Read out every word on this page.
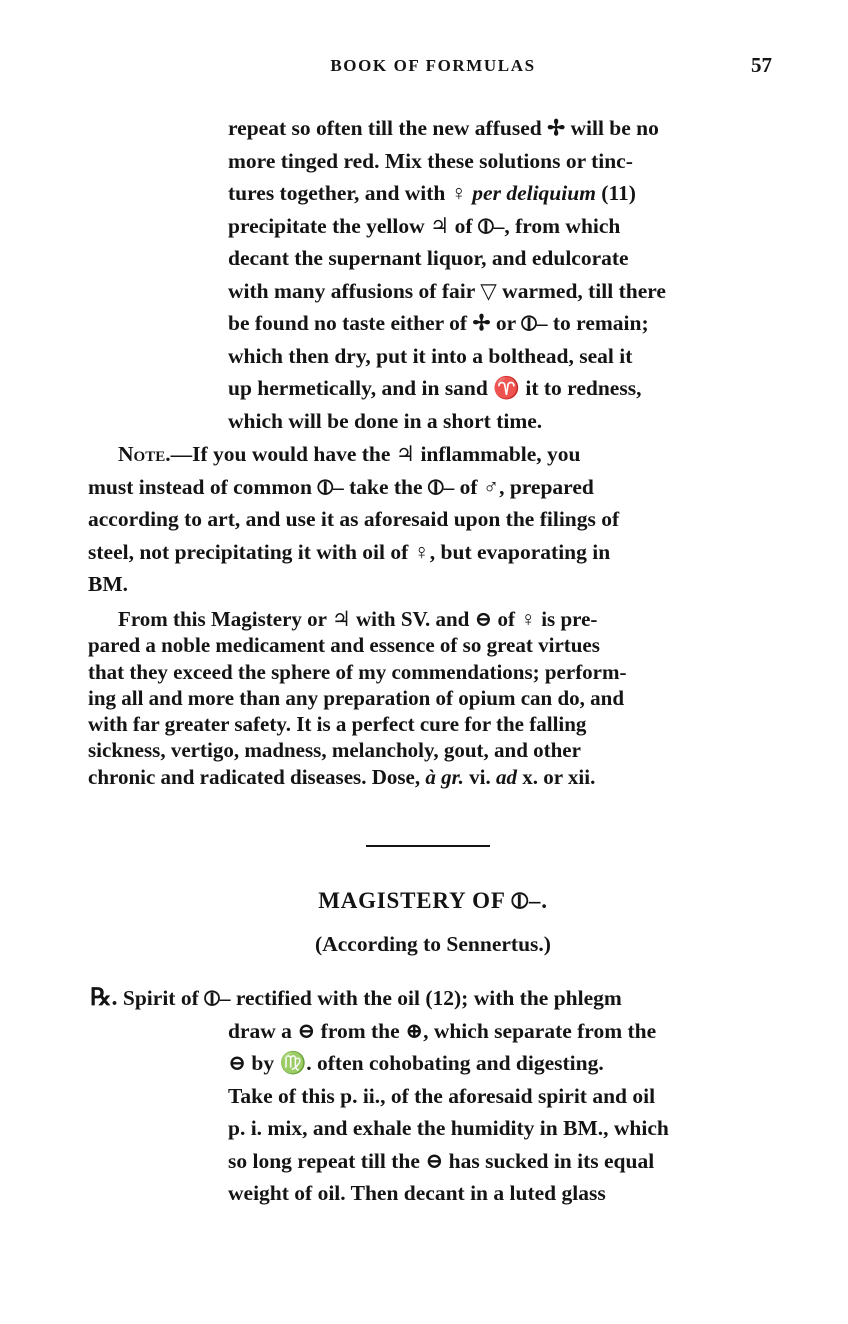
BOOK OF FORMULAS	57
repeat so often till the new affused ✢ will be no
more tinged red. Mix these solutions or tinc-
tures together, and with ♀ per deliquium (11)
precipitate the yellow ♃ of ⦶–, from which
decant the supernant liquor, and edulcorate
with many affusions of fair ▽ warmed, till there
be found no taste either of ✢ or ⦶– to remain;
which then dry, put it into a bolthead, seal it
up hermetically, and in sand ♈ it to redness,
which will be done in a short time.
Note.—If you would have the ♃ inflammable, you
must instead of common ⦶– take the ⦶– of ♂, prepared
according to art, and use it as aforesaid upon the filings of
steel, not precipitating it with oil of ♀, but evaporating in
BM.
From this Magistery or ♃ with SV. and ⊖ of ♀ is pre-
pared a noble medicament and essence of so great virtues
that they exceed the sphere of my commendations; perform-
ing all and more than any preparation of opium can do, and
with far greater safety. It is a perfect cure for the falling
sickness, vertigo, madness, melancholy, gout, and other
chronic and radicated diseases. Dose, à gr. vi. ad x. or xii.
MAGISTERY OF ⦶–.
(According to Sennertus.)
℞. Spirit of ⦶– rectified with the oil (12); with the phlegm
draw a ⊖ from the ⊕, which separate from the
⊖ by ♍. often cohobating and digesting.
Take of this p. ii., of the aforesaid spirit and oil
p. i. mix, and exhale the humidity in BM., which
so long repeat till the ⊖ has sucked in its equal
weight of oil. Then decant in a luted glass
